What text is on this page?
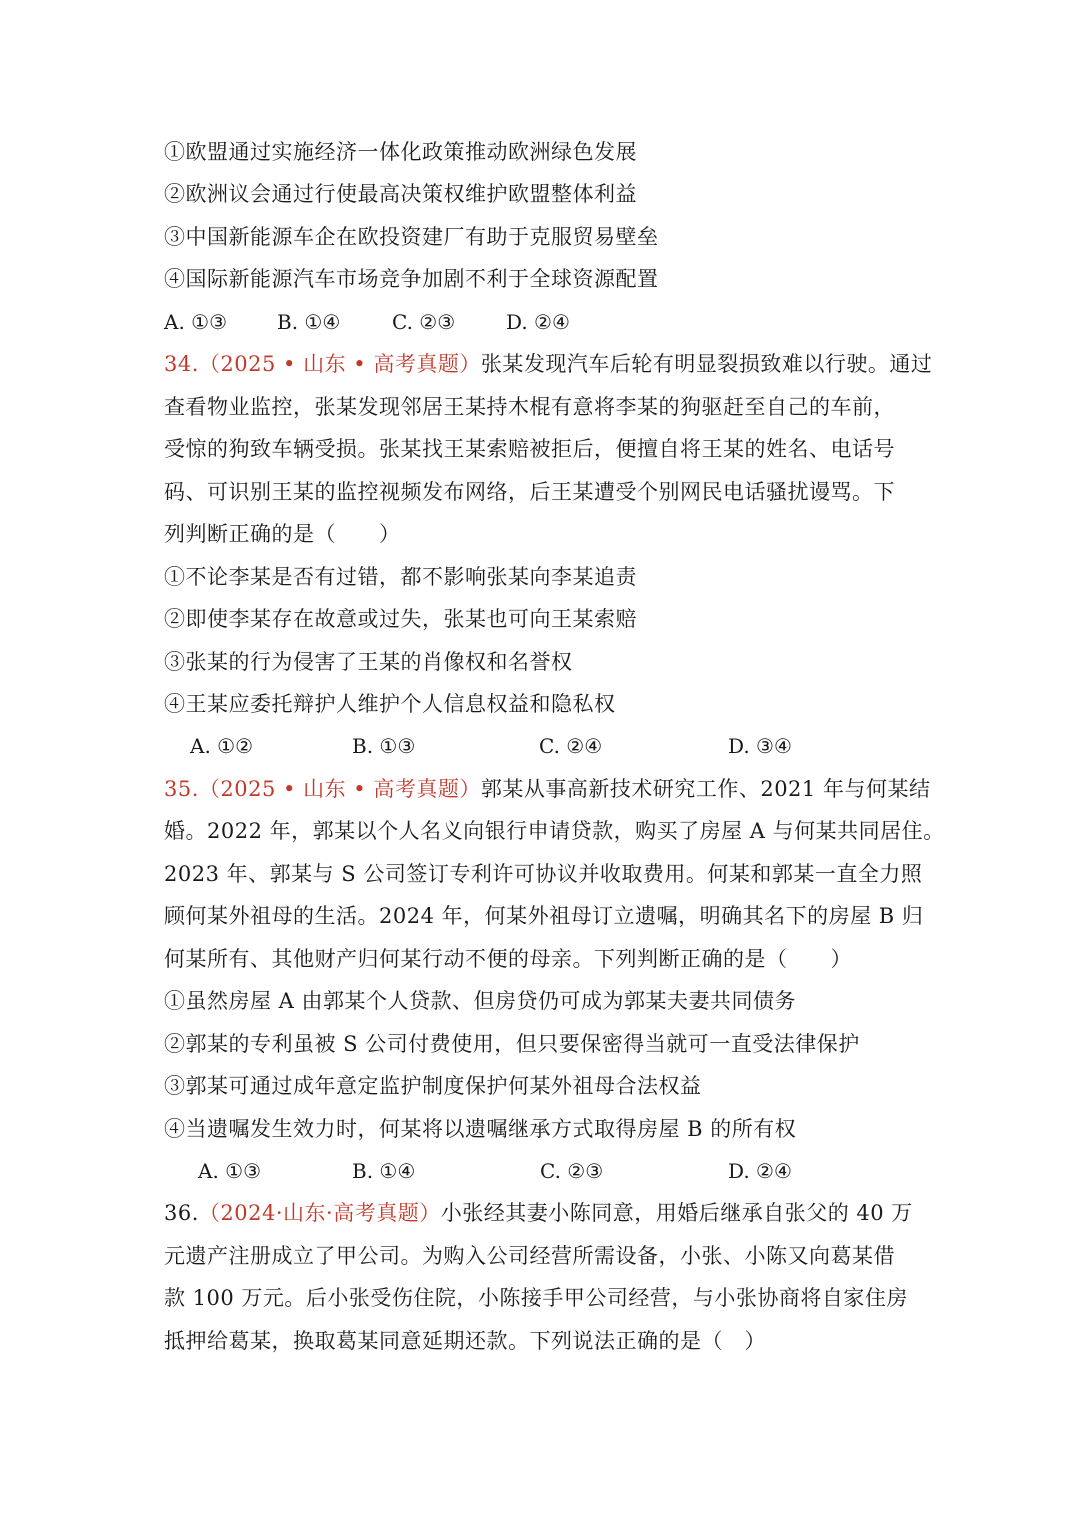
①欧盟通过实施经济一体化政策推动欧洲绿色发展
②欧洲议会通过行使最高决策权维护欧盟整体利益
③中国新能源车企在欧投资建厂有助于克服贸易壁垒
④国际新能源汽车市场竞争加剧不利于全球资源配置
A. ①③ B. ①④	C. ②③	D. ②④
34.（2025 • 山东 • 高考真题）张某发现汽车后轮有明显裂损致难以行驶。通过
查看物业监控，张某发现邻居王某持木棍有意将李某的狗驱赶至自己的车前，
受惊的狗致车辆受损。张某找王某索赔被拒后，便擅自将王某的姓名、电话号
码、可识别王某的监控视频发布网络，后王某遭受个别网民电话骚扰谩骂。下
列判断正确的是（　　）
①不论李某是否有过错，都不影响张某向李某追责
②即使李某存在故意或过失，张某也可向王某索赔
③张某的行为侵害了王某的肖像权和名誉权
④王某应委托辩护人维护个人信息权益和隐私权
A. ①②	B. ①③	C. ②④	D. ③④
35.（2025 • 山东 • 高考真题）郭某从事高新技术研究工作、2021 年与何某结
婚。2022 年，郭某以个人名义向银行申请贷款，购买了房屋 A 与何某共同居住。
2023 年、郭某与 S 公司签订专利许可协议并收取费用。何某和郭某一直全力照
顾何某外祖母的生活。2024 年，何某外祖母订立遗嘱，明确其名下的房屋 B 归
何某所有、其他财产归何某行动不便的母亲。下列判断正确的是（　　）
①虽然房屋 A 由郭某个人贷款、但房贷仍可成为郭某夫妻共同债务
②郭某的专利虽被 S 公司付费使用，但只要保密得当就可一直受法律保护
③郭某可通过成年意定监护制度保护何某外祖母合法权益
④当遗嘱发生效力时，何某将以遗嘱继承方式取得房屋 B 的所有权
A. ①③	B. ①④	C. ②③	D. ②④
36.（2024·山东·高考真题）小张经其妻小陈同意，用婚后继承自张父的 40 万
元遗产注册成立了甲公司。为购入公司经营所需设备，小张、小陈又向葛某借
款 100 万元。后小张受伤住院，小陈接手甲公司经营，与小张协商将自家住房
抵押给葛某，换取葛某同意延期还款。下列说法正确的是（　）
